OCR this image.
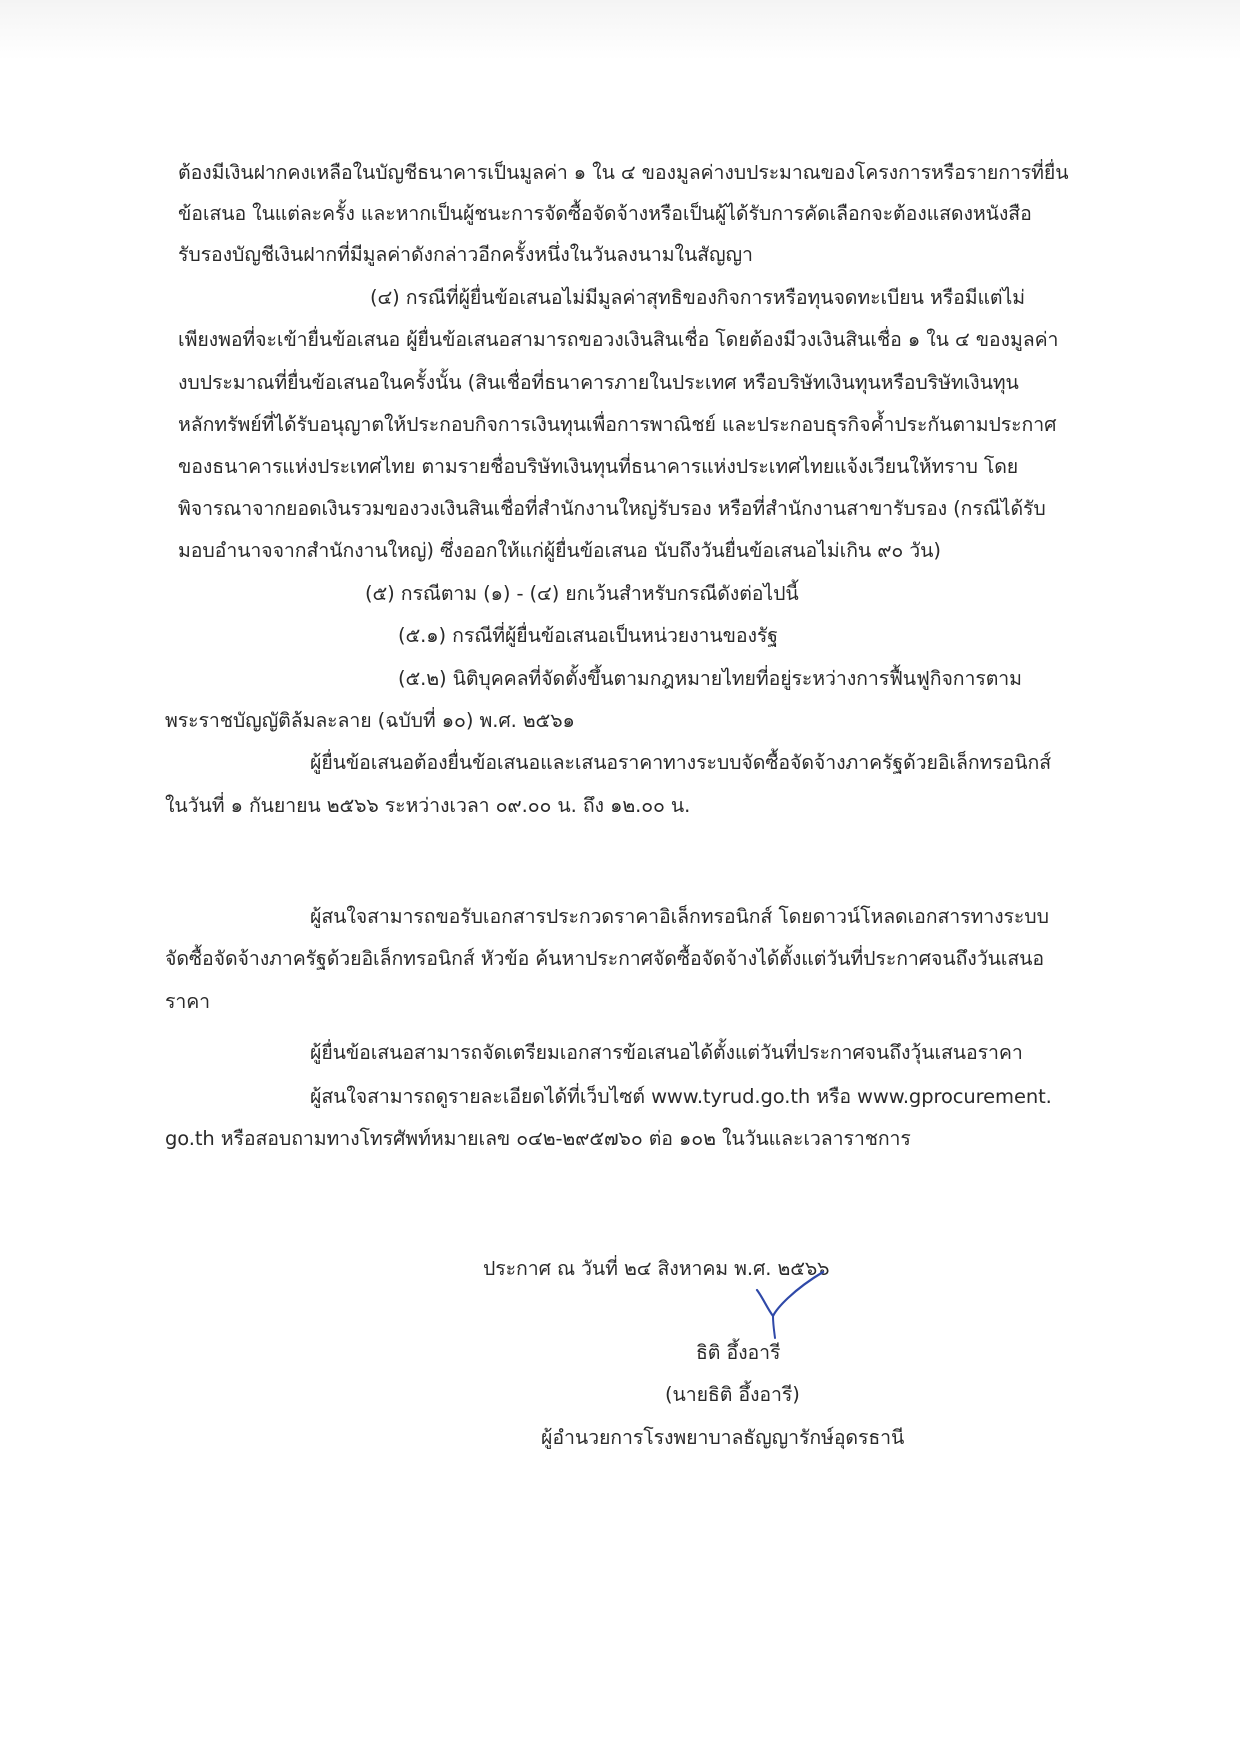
ต้องมีเงินฝากคงเหลือในบัญชีธนาคารเป็นมูลค่า ๑ ใน ๔ ของมูลค่างบประมาณของโครงการหรือรายการที่ยื่น
ข้อเสนอ ในแต่ละครั้ง และหากเป็นผู้ชนะการจัดซื้อจัดจ้างหรือเป็นผู้ได้รับการคัดเลือกจะต้องแสดงหนังสือ
รับรองบัญชีเงินฝากที่มีมูลค่าดังกล่าวอีกครั้งหนึ่งในวันลงนามในสัญญา
(๔) กรณีที่ผู้ยื่นข้อเสนอไม่มีมูลค่าสุทธิของกิจการหรือทุนจดทะเบียน หรือมีแต่ไม่
เพียงพอที่จะเข้ายื่นข้อเสนอ ผู้ยื่นข้อเสนอสามารถขอวงเงินสินเชื่อ โดยต้องมีวงเงินสินเชื่อ ๑ ใน ๔ ของมูลค่า
งบประมาณที่ยื่นข้อเสนอในครั้งนั้น (สินเชื่อที่ธนาคารภายในประเทศ หรือบริษัทเงินทุนหรือบริษัทเงินทุน
หลักทรัพย์ที่ได้รับอนุญาตให้ประกอบกิจการเงินทุนเพื่อการพาณิชย์ และประกอบธุรกิจค้ำประกันตามประกาศ
ของธนาคารแห่งประเทศไทย ตามรายชื่อบริษัทเงินทุนที่ธนาคารแห่งประเทศไทยแจ้งเวียนให้ทราบ โดย
พิจารณาจากยอดเงินรวมของวงเงินสินเชื่อที่สำนักงานใหญ่รับรอง หรือที่สำนักงานสาขารับรอง (กรณีได้รับ
มอบอำนาจจากสำนักงานใหญ่) ซึ่งออกให้แก่ผู้ยื่นข้อเสนอ นับถึงวันยื่นข้อเสนอไม่เกิน ๙๐ วัน)
(๕) กรณีตาม (๑) - (๔) ยกเว้นสำหรับกรณีดังต่อไปนี้
(๕.๑) กรณีที่ผู้ยื่นข้อเสนอเป็นหน่วยงานของรัฐ
(๕.๒) นิติบุคคลที่จัดตั้งขึ้นตามกฎหมายไทยที่อยู่ระหว่างการฟื้นฟูกิจการตาม
พระราชบัญญัติล้มละลาย (ฉบับที่ ๑๐) พ.ศ. ๒๕๖๑
ผู้ยื่นข้อเสนอต้องยื่นข้อเสนอและเสนอราคาทางระบบจัดซื้อจัดจ้างภาครัฐด้วยอิเล็กทรอนิกส์
ในวันที่ ๑ กันยายน ๒๕๖๖ ระหว่างเวลา ๐๙.๐๐ น. ถึง ๑๒.๐๐ น.
ผู้สนใจสามารถขอรับเอกสารประกวดราคาอิเล็กทรอนิกส์ โดยดาวน์โหลดเอกสารทางระบบ
จัดซื้อจัดจ้างภาครัฐด้วยอิเล็กทรอนิกส์ หัวข้อ ค้นหาประกาศจัดซื้อจัดจ้างได้ตั้งแต่วันที่ประกาศจนถึงวันเสนอ
ราคา
ผู้ยื่นข้อเสนอสามารถจัดเตรียมเอกสารข้อเสนอได้ตั้งแต่วันที่ประกาศจนถึงวุ้นเสนอราคา
ผู้สนใจสามารถดูรายละเอียดได้ที่เว็บไซต์ www.tyrud.go.th หรือ www.gprocurement.
go.th หรือสอบถามทางโทรศัพท์หมายเลข ๐๔๒-๒๙๕๗๖๐ ต่อ ๑๐๒ ในวันและเวลาราชการ
ประกาศ ณ วันที่ ๒๔ สิงหาคม พ.ศ. ๒๕๖๖
ธิติ อึ้งอารี
(นายธิติ อึ้งอารี)
ผู้อำนวยการโรงพยาบาลธัญญารักษ์อุดรธานี
